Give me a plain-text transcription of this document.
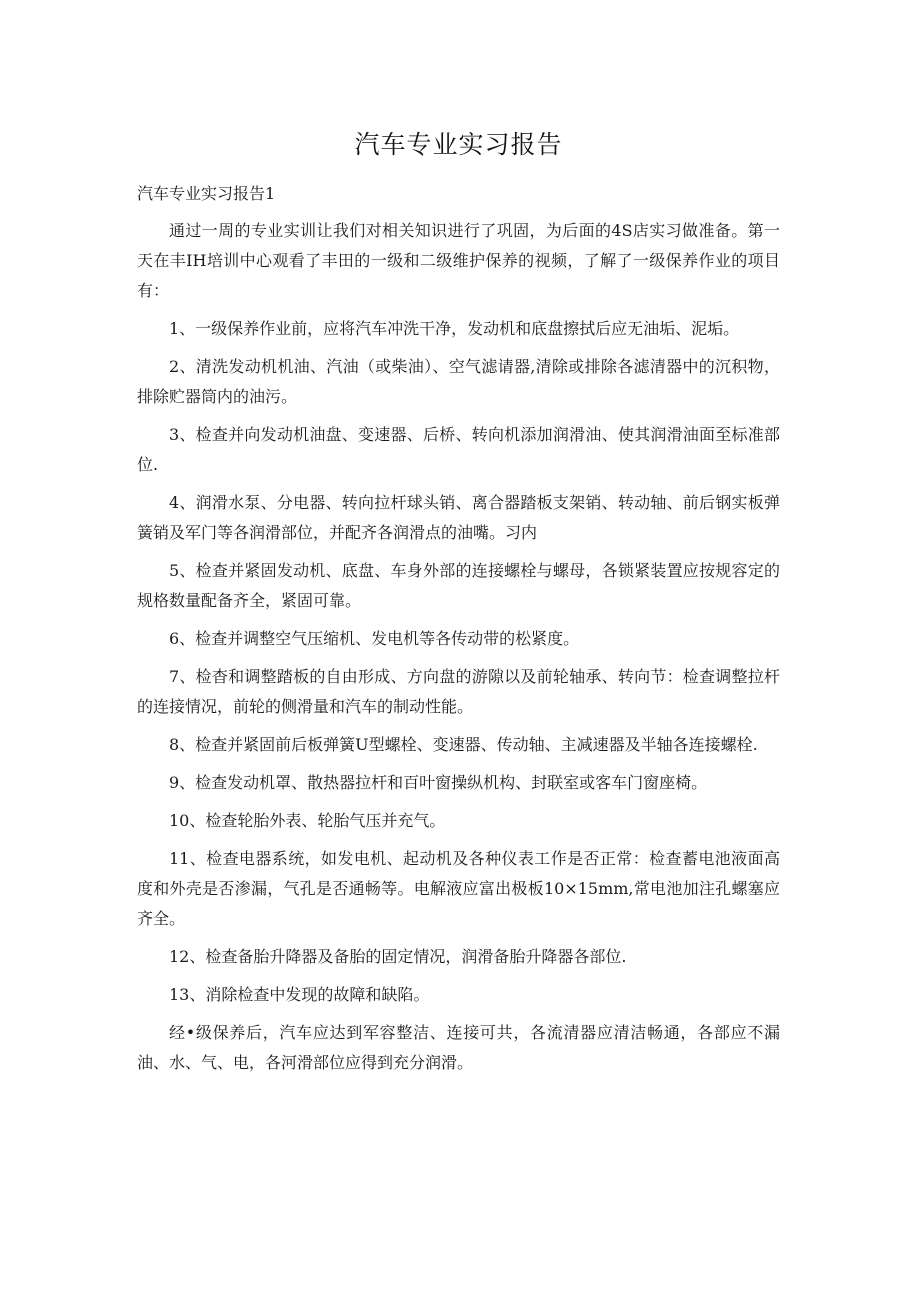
汽车专业实习报告

汽车专业实习报告1

通过一周的专业实训让我们对相关知识进行了巩固，为后面的4S店实习做准备。第一天在丰IH培训中心观看了丰田的一级和二级维护保养的视频，了解了一级保养作业的项目有：

1、一级保养作业前，应将汽车冲洗干净，发动机和底盘擦拭后应无油垢、泥垢。

2、清洗发动机机油、汽油（或柴油）、空气滤请器,清除或排除各滤清器中的沉积物，排除贮器筒内的油污。

3、检查并向发动机油盘、变速器、后桥、转向机添加润滑油、使其润滑油面至标准部位.

4、润滑水泵、分电器、转向拉杆球头销、离合器踏板支架销、转动轴、前后钢实板弹簧销及军门等各润滑部位，并配齐各润滑点的油嘴。习内

5、检查并紧固发动机、底盘、车身外部的连接螺栓与螺母，各锁紧装置应按规容定的规格数量配备齐全，紧固可靠。

6、检查并调整空气压缩机、发电机等各传动带的松紧度。

7、检杳和调整踏板的自由形成、方向盘的游隙以及前轮轴承、转向节：检查调整拉杆的连接情况，前轮的侧滑量和汽车的制动性能。

8、检查并紧固前后板弹簧U型螺栓、变速器、传动轴、主减速器及半轴各连接螺栓.

9、检查发动机罩、散热器拉杆和百叶窗操纵机构、封联室或客车门窗座椅。

10、检查轮胎外表、轮胎气压并充气。

11、检查电器系统，如发电机、起动机及各种仪表工作是否正常：检查蓄电池液面高度和外壳是否渗漏，气孔是否通畅等。电解液应富出极板10×15mm,常电池加注孔螺塞应齐全。

12、检查备胎升降器及备胎的固定情况，润滑备胎升降器各部位.

13、消除检查中发现的故障和缺陷。

经•级保养后，汽车应达到军容整洁、连接可共，各流清器应清洁畅通，各部应不漏油、水、气、电，各河滑部位应得到充分润滑。
